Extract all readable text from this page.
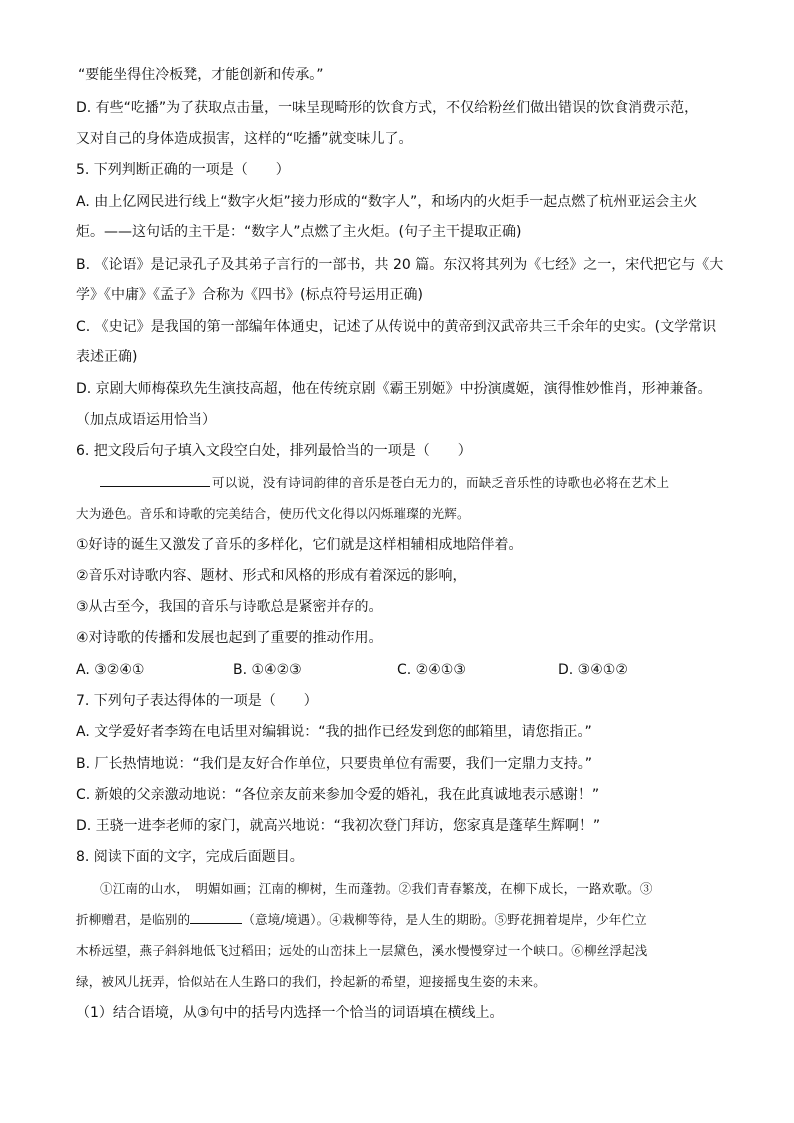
“要能坐得住冷板凳，才能创新和传承。”
D. 有些“吃播”为了获取点击量，一味呈现畸形的饮食方式，不仅给粉丝们做出错误的饮食消费示范，
又对自己的身体造成损害，这样的“吃播”就变味儿了。
5. 下列判断正确的一项是（　　）
A. 由上亿网民进行线上“数字火炬”接力形成的“数字人”，和场内的火炬手一起点燃了杭州亚运会主火
炬。——这句话的主干是：“数字人”点燃了主火炬。(句子主干提取正确)
B. 《论语》是记录孔子及其弟子言行的一部书，共 20 篇。东汉将其列为《七经》之一，宋代把它与《大
学》《中庸》《孟子》合称为《四书》(标点符号运用正确)
C. 《史记》是我国的第一部编年体通史，记述了从传说中的黄帝到汉武帝共三千余年的史实。(文学常识
表述正确)
D. 京剧大师梅葆玖先生演技高超，他在传统京剧《霸王别姬》中扮演虞姬，演得惟妙惟肖，形神兼备。
（加点成语运用恰当）
6. 把文段后句子填入文段空白处，排列最恰当的一项是（　　）
可以说，没有诗词韵律的音乐是苍白无力的，而缺乏音乐性的诗歌也必将在艺术上
大为逊色。音乐和诗歌的完美结合，使历代文化得以闪烁璀璨的光辉。
①好诗的诞生又激发了音乐的多样化，它们就是这样相辅相成地陪伴着。
②音乐对诗歌内容、题材、形式和风格的形成有着深远的影响，
③从古至今，我国的音乐与诗歌总是紧密并存的。
④对诗歌的传播和发展也起到了重要的推动作用。
A. ③②④①	B. ①④②③	C. ②④①③	D. ③④①②
7. 下列句子表达得体的一项是（　　）
A. 文学爱好者李筠在电话里对编辑说：“我的拙作已经发到您的邮箱里，请您指正。”
B. 厂长热情地说：“我们是友好合作单位，只要贵单位有需要，我们一定鼎力支持。”
C. 新娘的父亲激动地说：“各位亲友前来参加令爱的婚礼，我在此真诚地表示感谢！”
D. 王骁一进李老师的家门，就高兴地说：“我初次登门拜访，您家真是蓬荜生辉啊！”
8. 阅读下面的文字，完成后面题目。
①江南的山水，　明媚如画；江南的柳树，生而蓬勃。②我们青春繁茂，在柳下成长，一路欢歌。③
折柳赠君，是临别的	（意境/境遇）。④栽柳等待，是人生的期盼。⑤野花拥着堤岸，少年伫立
木桥远望，燕子斜斜地低飞过稻田；远处的山峦抹上一层黛色，溪水慢慢穿过一个峡口。⑥柳丝浮起浅
绿，被风儿抚弄，恰似站在人生路口的我们，拎起新的希望，迎接摇曳生姿的未来。
（1）结合语境，从③句中的括号内选择一个恰当的词语填在横线上。
